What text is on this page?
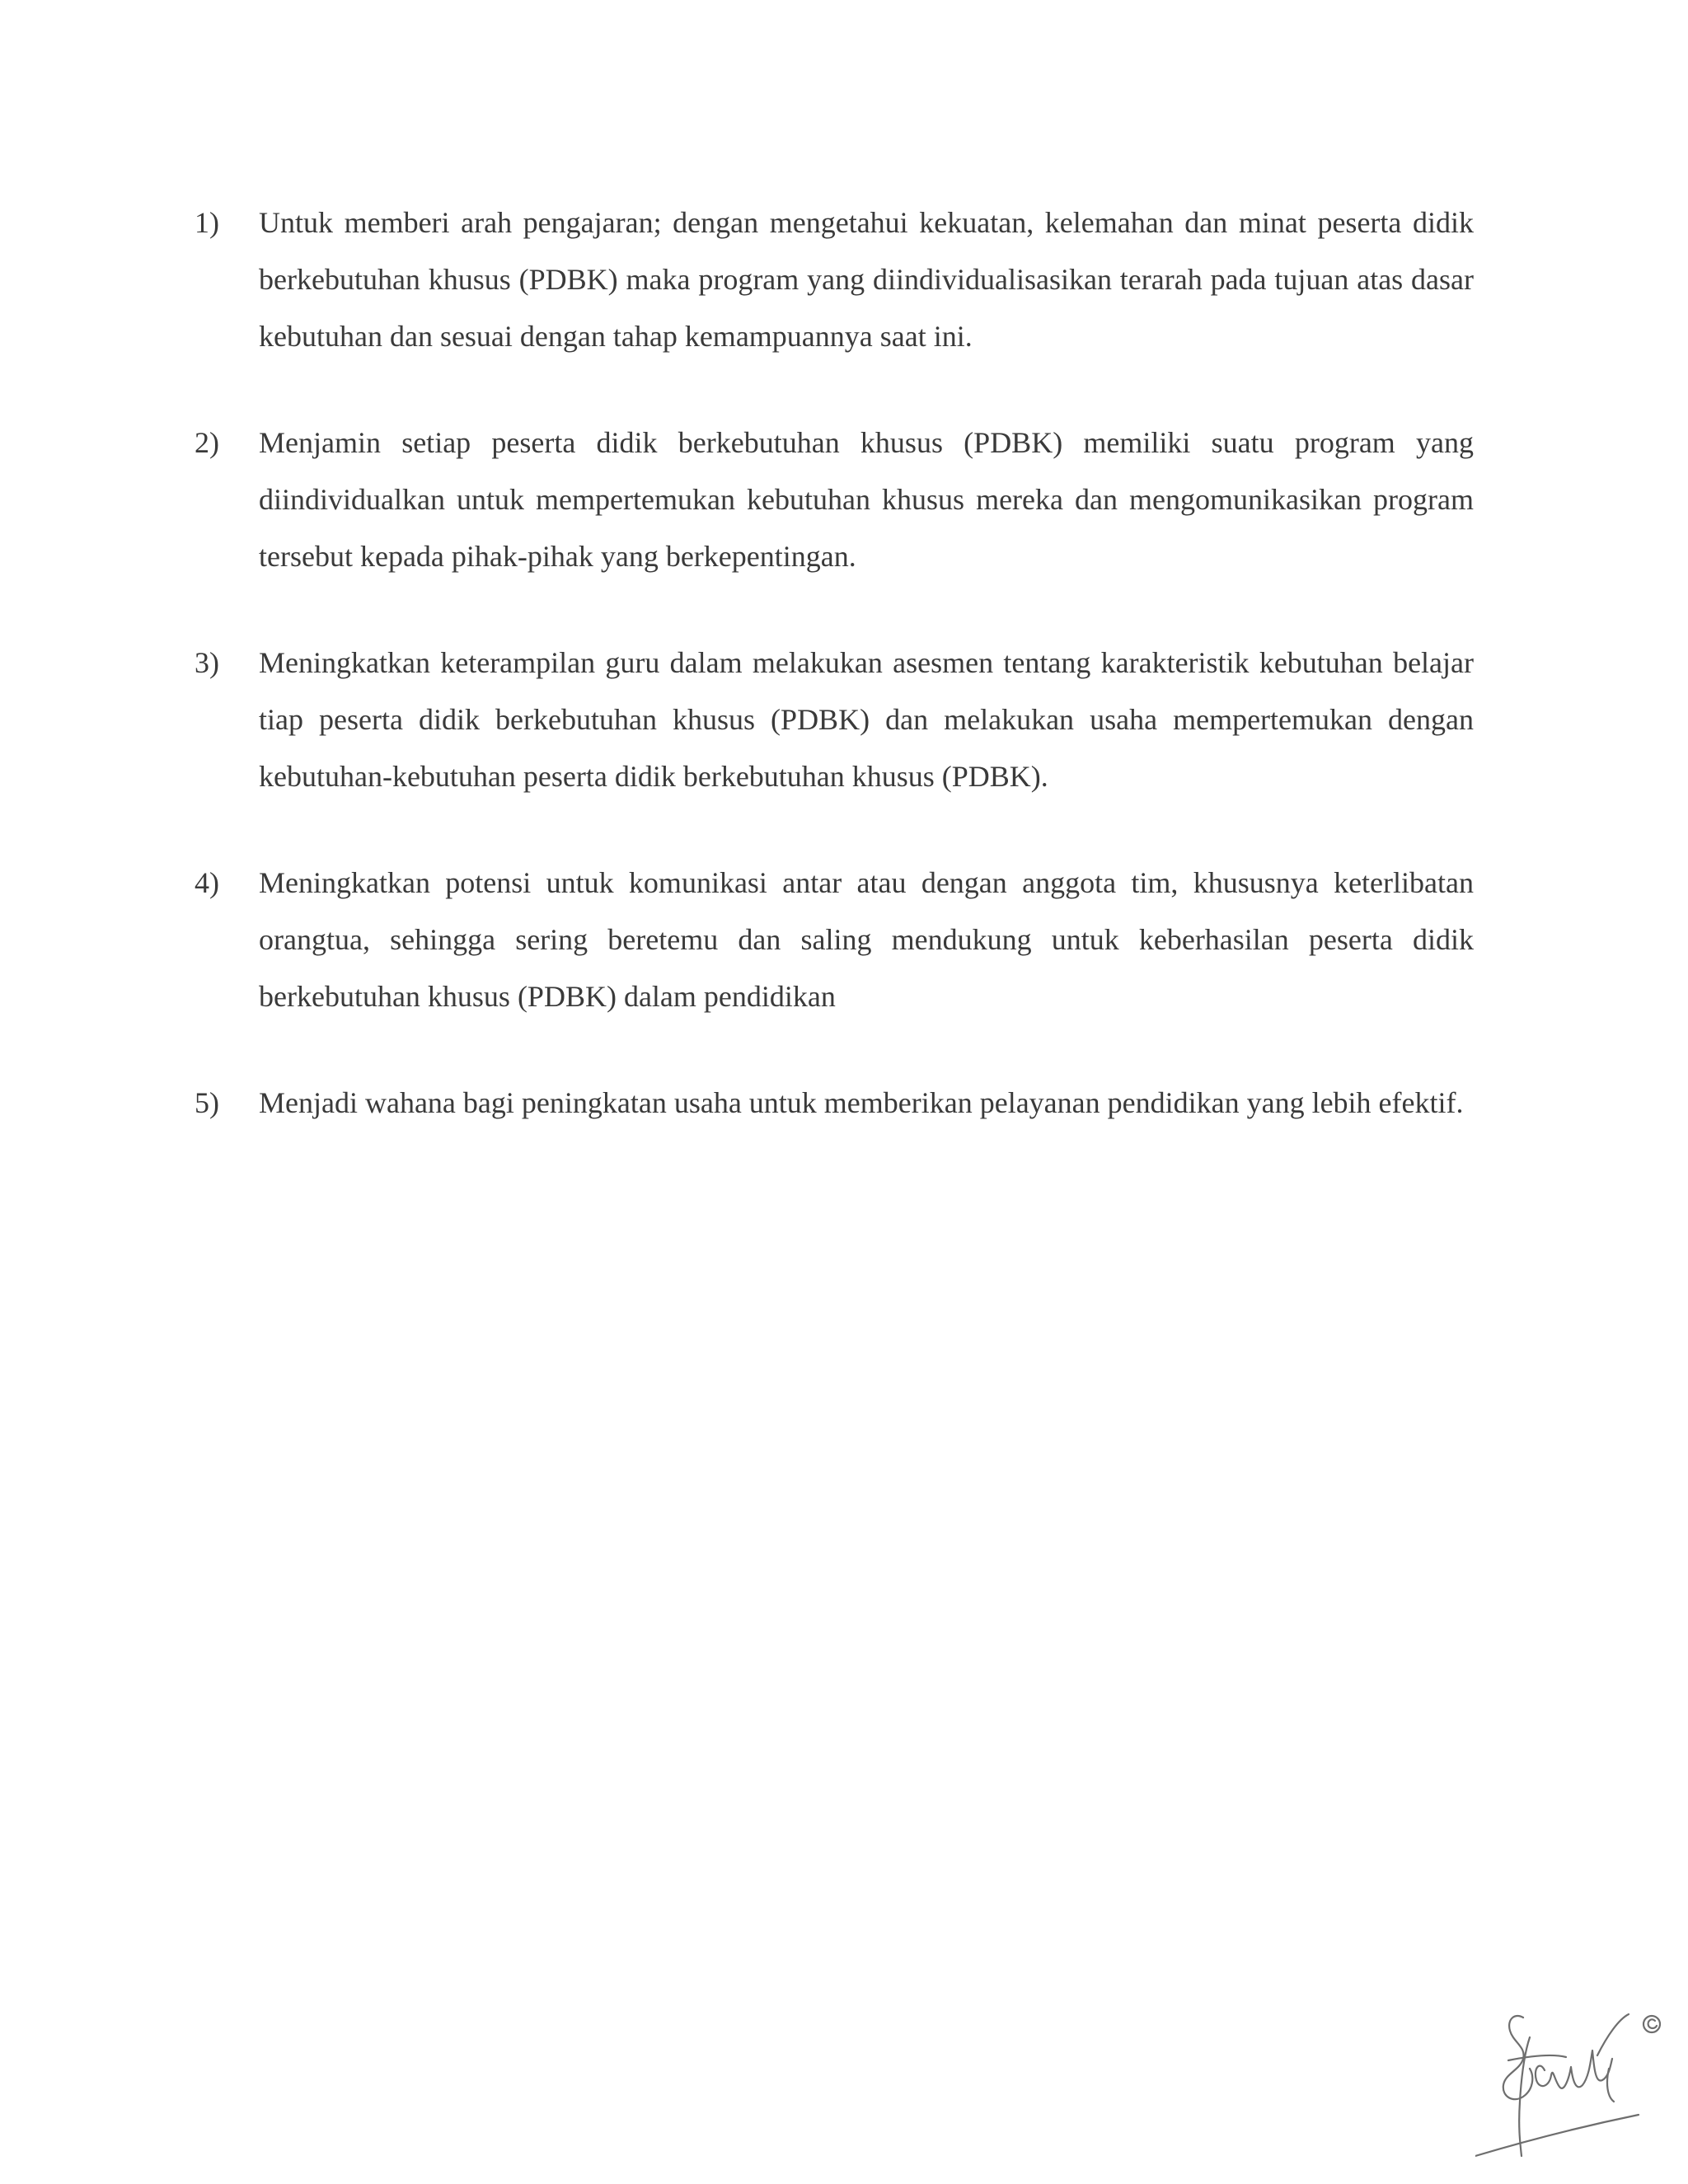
1) Untuk memberi arah pengajaran; dengan mengetahui kekuatan, kelemahan dan minat peserta didik berkebutuhan khusus (PDBK) maka program yang diindividualisasikan terarah pada tujuan atas dasar kebutuhan dan sesuai dengan tahap kemampuannya saat ini.
2) Menjamin setiap peserta didik berkebutuhan khusus (PDBK) memiliki suatu program yang diindividualkan untuk mempertemukan kebutuhan khusus mereka dan mengomunikasikan program tersebut kepada pihak-pihak yang berkepentingan.
3) Meningkatkan keterampilan guru dalam melakukan asesmen tentang karakteristik kebutuhan belajar tiap peserta didik berkebutuhan khusus (PDBK) dan melakukan usaha mempertemukan dengan kebutuhan-kebutuhan peserta didik berkebutuhan khusus (PDBK).
4) Meningkatkan potensi untuk komunikasi antar atau dengan anggota tim, khususnya keterlibatan orangtua, sehingga sering beretemu dan saling mendukung untuk keberhasilan peserta didik berkebutuhan khusus (PDBK) dalam pendidikan
5) Menjadi wahana bagi peningkatan usaha untuk memberikan pelayanan pendidikan yang lebih efektif.
